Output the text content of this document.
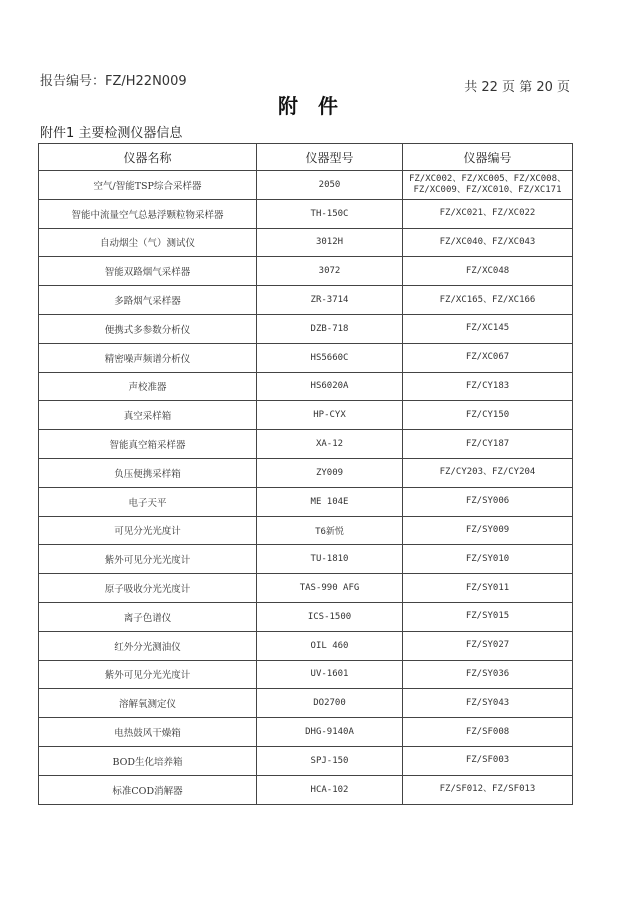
报告编号：FZ/H22N009	共 22 页 第 20 页
附件
附件1 主要检测仪器信息
仪器名称	仪器型号	仪器编号
空气/智能TSP综合采样器	2050	FZ/XC002、FZ/XC005、FZ/XC008、
FZ/XC009、FZ/XC010、FZ/XC171

智能中流量空气总悬浮颗粒物采样器	TH-150C	FZ/XC021、FZ/XC022

自动烟尘（气）测试仪	3012H	FZ/XC040、FZ/XC043

智能双路烟气采样器	3072	FZ/XC048

多路烟气采样器	ZR-3714	FZ/XC165、FZ/XC166

便携式多参数分析仪	DZB-718	FZ/XC145

精密噪声频谱分析仪	HS5660C	FZ/XC067

声校准器	HS6020A	FZ/CY183

真空采样箱	HP-CYX	FZ/CY150

智能真空箱采样器	XA-12	FZ/CY187

负压便携采样箱	ZY009	FZ/CY203、FZ/CY204

电子天平	ME 104E	FZ/SY006

可见分光光度计	T6新悦	FZ/SY009

紫外可见分光光度计	TU-1810	FZ/SY010

原子吸收分光光度计	TAS-990 AFG	FZ/SY011

离子色谱仪	ICS-1500	FZ/SY015

红外分光测油仪	OIL 460	FZ/SY027

紫外可见分光光度计	UV-1601	FZ/SY036

溶解氧测定仪	DO2700	FZ/SY043

电热鼓风干燥箱	DHG-9140A	FZ/SF008

BOD生化培养箱	SPJ-150	FZ/SF003

标准COD消解器	HCA-102	FZ/SF012、FZ/SF013
